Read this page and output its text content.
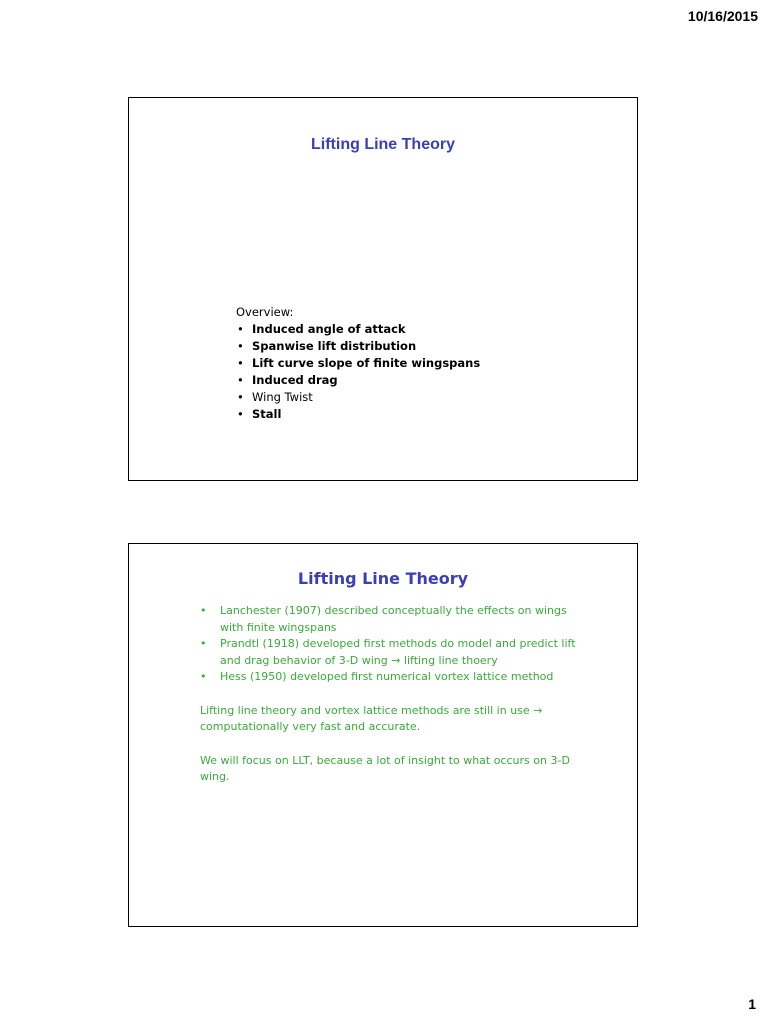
10/16/2015
Lifting Line Theory
Overview:
• Induced angle of attack
• Spanwise lift distribution
• Lift curve slope of finite wingspans
• Induced drag
• Wing Twist
• Stall
Lifting Line Theory
• Lanchester (1907) described conceptually the effects on wings with finite wingspans
• Prandtl (1918) developed first methods do model and predict lift and drag behavior of 3-D wing → lifting line thoery
• Hess (1950) developed first numerical vortex lattice method

Lifting line theory and vortex lattice methods are still in use → computationally very fast and accurate.

We will focus on LLT, because a lot of insight to what occurs on 3-D wing.

1
